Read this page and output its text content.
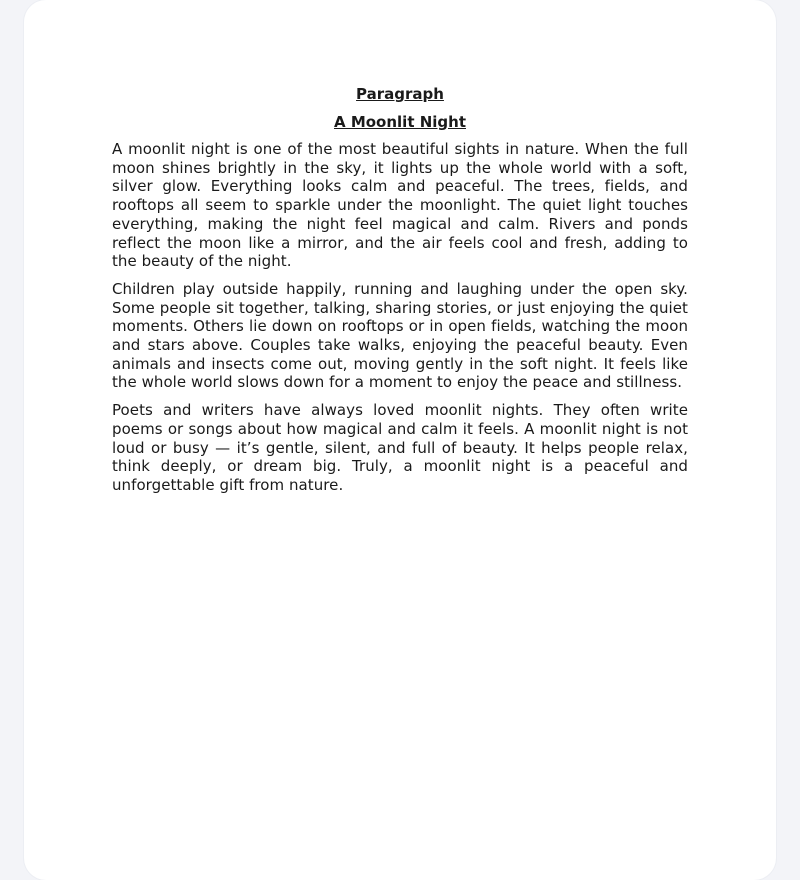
Paragraph
A Moonlit Night

A moonlit night is one of the most beautiful sights in nature. When the full moon shines brightly in the sky, it lights up the whole world with a soft, silver glow. Everything looks calm and peaceful. The trees, fields, and rooftops all seem to sparkle under the moonlight. The quiet light touches everything, making the night feel magical and calm. Rivers and ponds reflect the moon like a mirror, and the air feels cool and fresh, adding to the beauty of the night.

Children play outside happily, running and laughing under the open sky. Some people sit together, talking, sharing stories, or just enjoying the quiet moments. Others lie down on rooftops or in open fields, watching the moon and stars above. Couples take walks, enjoying the peaceful beauty. Even animals and insects come out, moving gently in the soft night. It feels like the whole world slows down for a moment to enjoy the peace and stillness.

Poets and writers have always loved moonlit nights. They often write poems or songs about how magical and calm it feels. A moonlit night is not loud or busy — it’s gentle, silent, and full of beauty. It helps people relax, think deeply, or dream big. Truly, a moonlit night is a peaceful and unforgettable gift from nature.
